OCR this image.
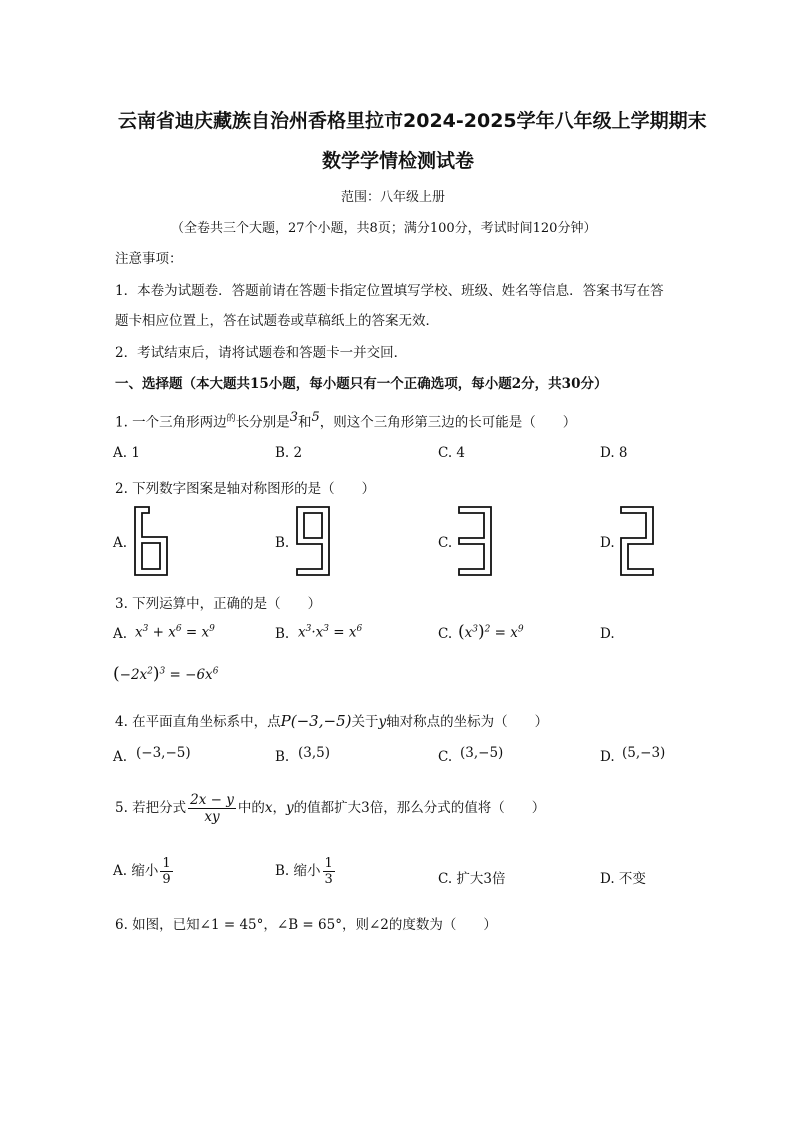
云南省迪庆藏族自治州香格里拉市2024-2025学年八年级上学期期末
数学学情检测试卷
范围：八年级上册
（全卷共三个大题，27个小题，共8页；满分100分，考试时间120分钟）
注意事项：
1．本卷为试题卷．答题前请在答题卡指定位置填写学校、班级、姓名等信息．答案书写在答
题卡相应位置上，答在试题卷或草稿纸上的答案无效．
2．考试结束后，请将试题卷和答题卡一并交回．
一、选择题（本大题共15小题，每小题只有一个正确选项，每小题2分，共30分）
1. 一个三角形两边$^的$长分别是$^3$和$^5$，则这个三角形第三边的长可能是（　　）
A. 1	B. 2	C. 4	D. 8
2. 下列数字图案是轴对称图形的是（　　）
A.	B.	C.	D.
3. 下列运算中，正确的是（　　）
A. $x^3 + x^6 = x^9$	B. $x^3\cdot x^3 = x^6$	C. $(x^3)^2 = x^9$	D.
$(-2x^2)^3 = -6x^6$
4. 在平面直角坐标系中，点P(−3,−5)关于y轴对称点的坐标为（　　）
A. (−3,−5)	B. (3,5)	C. (3,−5)	D. (5,−3)
5. 若把分式 $\frac{2x - y}{xy}$ 中的x，y的值都扩大3倍，那么分式的值将（　　）
A. 缩小 $\frac{1}{9}$	B. 缩小 $\frac{1}{3}$	C. 扩大3倍	D. 不变
6. 如图，已知∠1 = 45°，∠B = 65°，则∠2的度数为（　　）
